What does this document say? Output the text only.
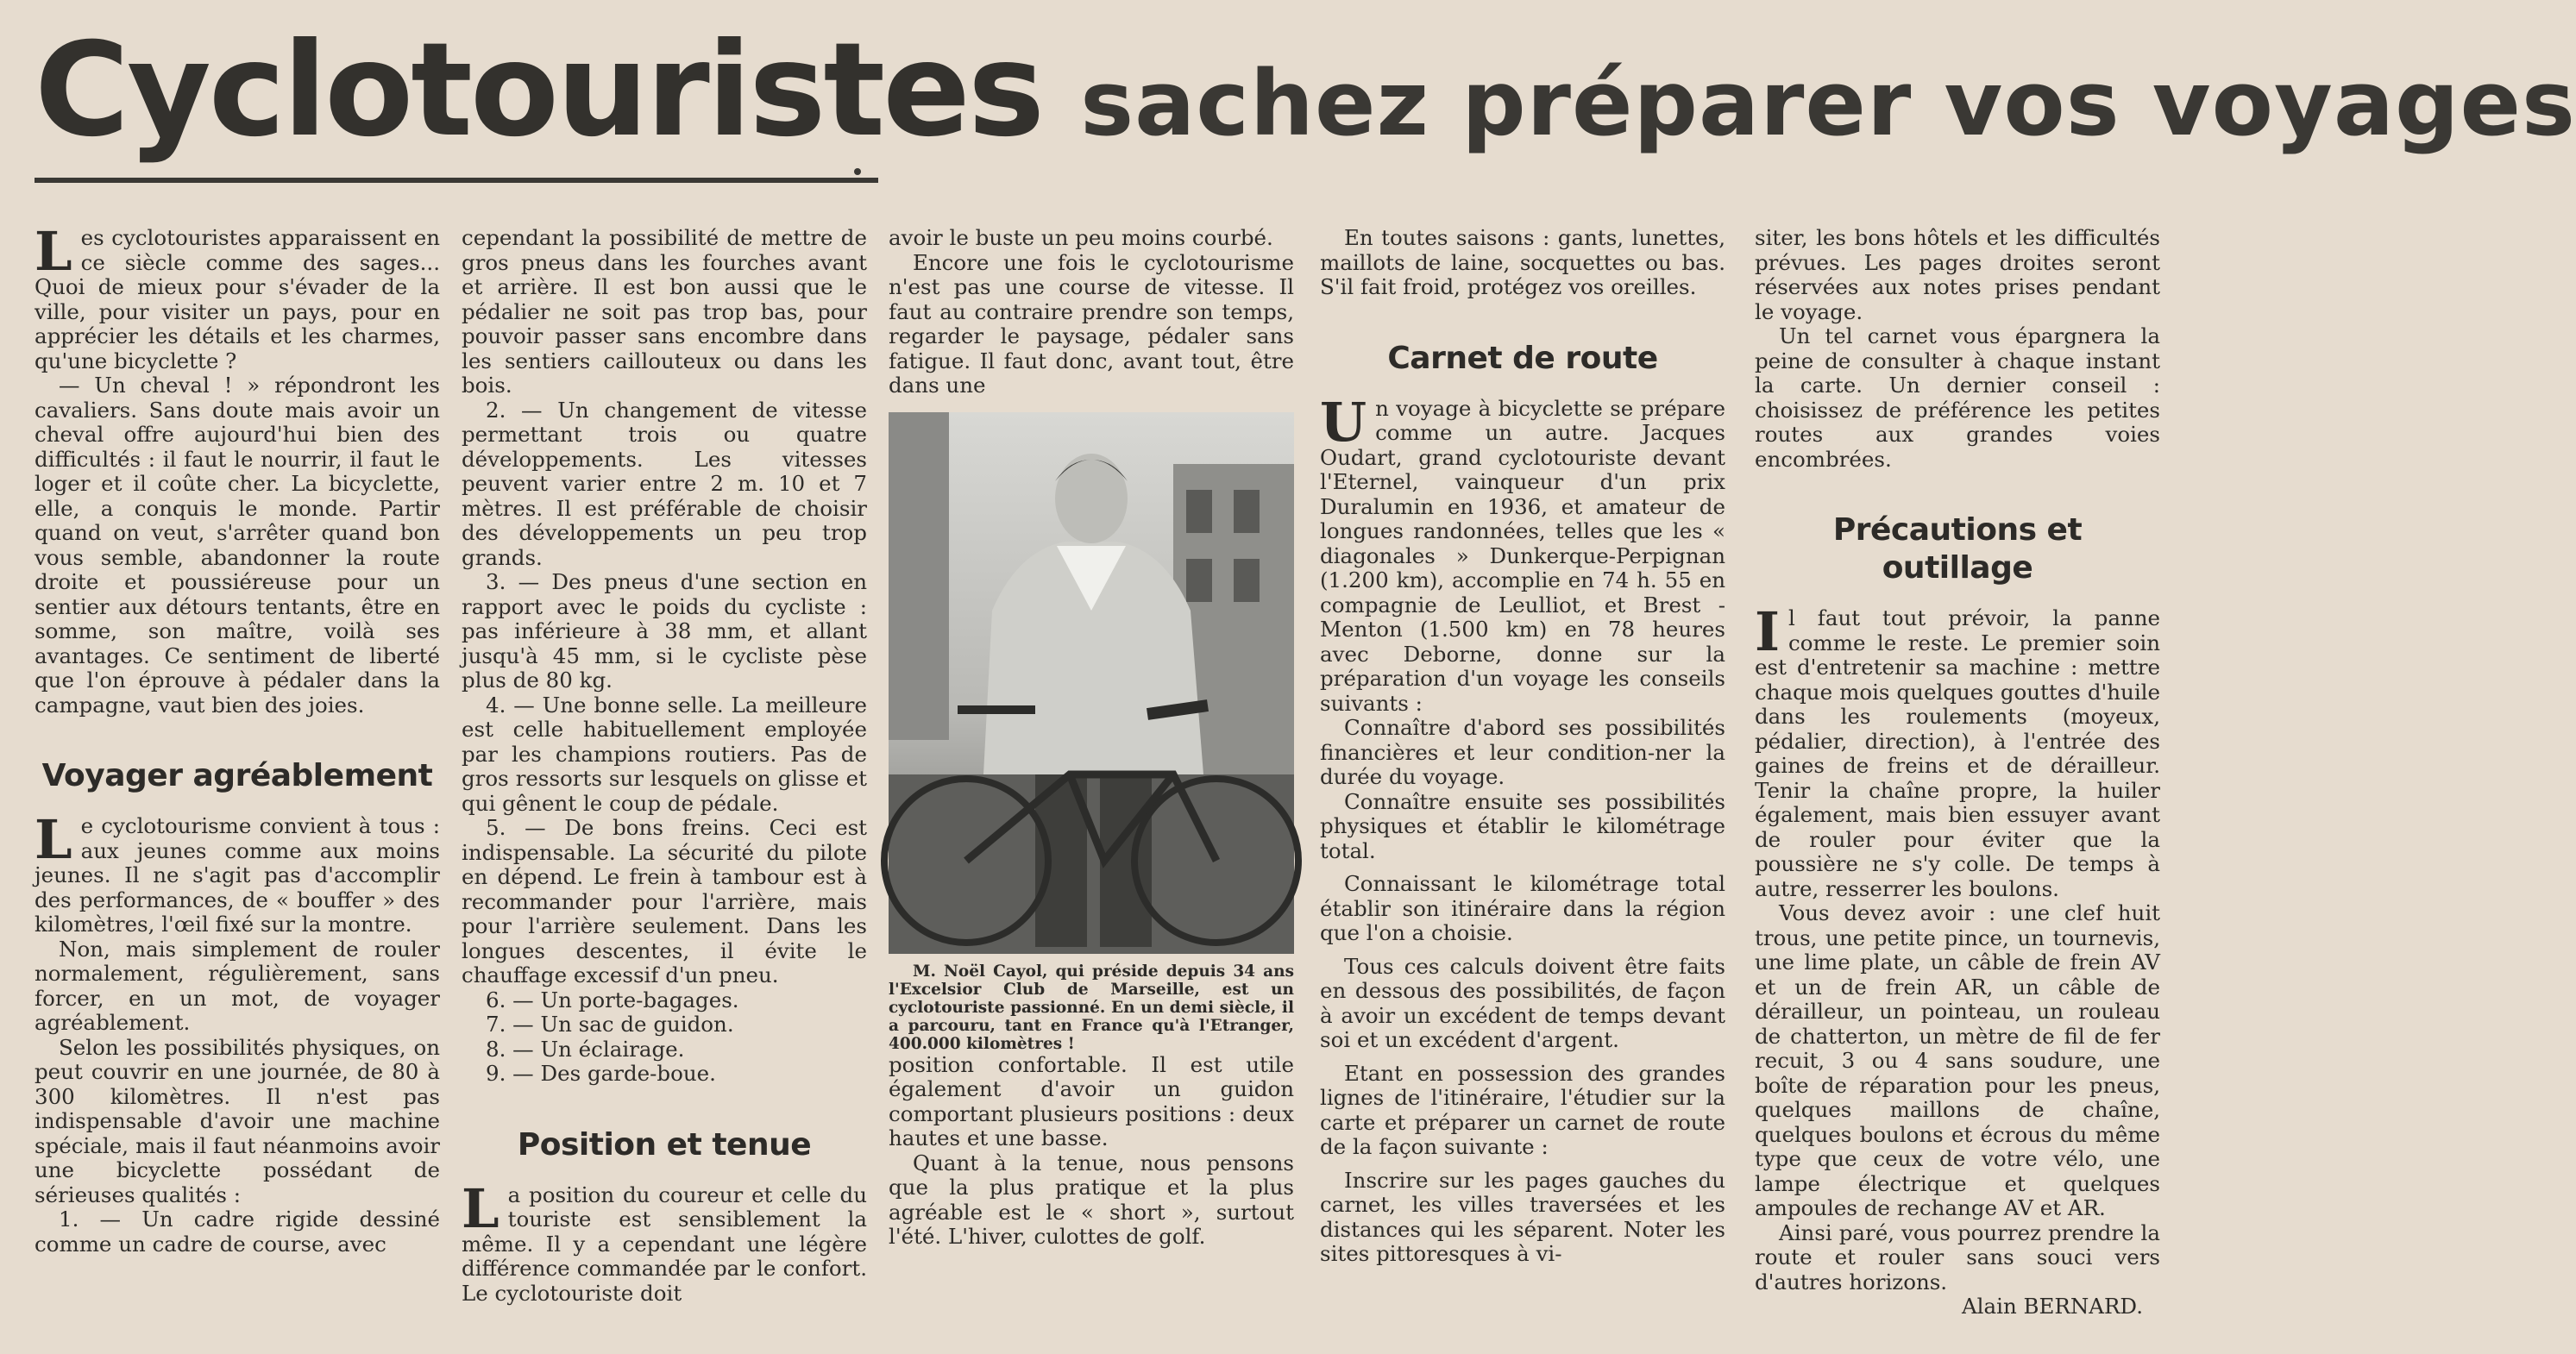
Cyclotouristes sachez préparer vos voyages

Les cyclotouristes apparaissent en ce siècle comme des sages... Quoi de mieux pour s'évader de la ville, pour visiter un pays, pour en apprécier les détails et les charmes, qu'une bicyclette ?

— Un cheval ! » répondront les cavaliers. Sans doute mais avoir un cheval offre aujourd'hui bien des difficultés : il faut le nourrir, il faut le loger et il coûte cher. La bicyclette, elle, a conquis le monde. Partir quand on veut, s'arrêter quand bon vous semble, abandonner la route droite et poussiéreuse pour un sentier aux détours tentants, être en somme, son maître, voilà ses avantages. Ce sentiment de liberté que l'on éprouve à pédaler dans la campagne, vaut bien des joies.

Voyager agréablement

Le cyclotourisme convient à tous : aux jeunes comme aux moins jeunes. Il ne s'agit pas d'accomplir des performances, de « bouffer » des kilomètres, l'œil fixé sur la montre.

Non, mais simplement de rouler normalement, régulièrement, sans forcer, en un mot, de voyager agréablement.

Selon les possibilités physiques, on peut couvrir en une journée, de 80 à 300 kilomètres. Il n'est pas indispensable d'avoir une machine spéciale, mais il faut néanmoins avoir une bicyclette possédant de sérieuses qualités :

1. — Un cadre rigide dessiné comme un cadre de course, avec

cependant la possibilité de mettre de gros pneus dans les fourches avant et arrière. Il est bon aussi que le pédalier ne soit pas trop bas, pour pouvoir passer sans encombre dans les sentiers caillouteux ou dans les bois.

2. — Un changement de vitesse permettant trois ou quatre développements. Les vitesses peuvent varier entre 2 m. 10 et 7 mètres. Il est préférable de choisir des développements un peu trop grands.

3. — Des pneus d'une section en rapport avec le poids du cycliste : pas inférieure à 38 mm, et allant jusqu'à 45 mm, si le cycliste pèse plus de 80 kg.

4. — Une bonne selle. La meilleure est celle habituellement employée par les champions routiers. Pas de gros ressorts sur lesquels on glisse et qui gênent le coup de pédale.

5. — De bons freins. Ceci est indispensable. La sécurité du pilote en dépend. Le frein à tambour est à recommander pour l'arrière, mais pour l'arrière seulement. Dans les longues descentes, il évite le chauffage excessif d'un pneu.

6. — Un porte-bagages.

7. — Un sac de guidon.

8. — Un éclairage.

9. — Des garde-boue.

Position et tenue

La position du coureur et celle du touriste est sensiblement la même. Il y a cependant une légère différence commandée par le confort. Le cyclotouriste doit

avoir le buste un peu moins courbé.

Encore une fois le cyclotourisme n'est pas une course de vitesse. Il faut au contraire prendre son temps, regarder le paysage, pédaler sans fatigue. Il faut donc, avant tout, être dans une

M. Noël Cayol, qui préside depuis 34 ans l'Excelsior Club de Marseille, est un cyclotouriste passionné. En un demi siècle, il a parcouru, tant en France qu'à l'Etranger, 400.000 kilomètres !

position confortable. Il est utile également d'avoir un guidon comportant plusieurs positions : deux hautes et une basse.

Quant à la tenue, nous pensons que la plus pratique et la plus agréable est le « short », surtout l'été. L'hiver, culottes de golf.

En toutes saisons : gants, lunettes, maillots de laine, socquettes ou bas. S'il fait froid, protégez vos oreilles.

Carnet de route

Un voyage à bicyclette se prépare comme un autre. Jacques Oudart, grand cyclotouriste devant l'Eternel, vainqueur d'un prix Duralumin en 1936, et amateur de longues randonnées, telles que les « diagonales » Dunkerque-Perpignan (1.200 km), accomplie en 74 h. 55 en compagnie de Leulliot, et Brest - Menton (1.500 km) en 78 heures avec Deborne, donne sur la préparation d'un voyage les conseils suivants :

Connaître d'abord ses possibilités financières et leur condition-ner la durée du voyage.

Connaître ensuite ses possibilités physiques et établir le kilométrage total.

Connaissant le kilométrage total établir son itinéraire dans la région que l'on a choisie.

Tous ces calculs doivent être faits en dessous des possibilités, de façon à avoir un excédent de temps devant soi et un excédent d'argent.

Etant en possession des grandes lignes de l'itinéraire, l'étudier sur la carte et préparer un carnet de route de la façon suivante :

Inscrire sur les pages gauches du carnet, les villes traversées et les distances qui les séparent. Noter les sites pittoresques à vi-

siter, les bons hôtels et les difficultés prévues. Les pages droites seront réservées aux notes prises pendant le voyage.

Un tel carnet vous épargnera la peine de consulter à chaque instant la carte. Un dernier conseil : choisissez de préférence les petites routes aux grandes voies encombrées.

Précautions et outillage

Il faut tout prévoir, la panne comme le reste. Le premier soin est d'entretenir sa machine : mettre chaque mois quelques gouttes d'huile dans les roulements (moyeux, pédalier, direction), à l'entrée des gaines de freins et de dérailleur. Tenir la chaîne propre, la huiler également, mais bien essuyer avant de rouler pour éviter que la poussière ne s'y colle. De temps à autre, resserrer les boulons.

Vous devez avoir : une clef huit trous, une petite pince, un tournevis, une lime plate, un câble de frein AV et un de frein AR, un câble de dérailleur, un pointeau, un rouleau de chatterton, un mètre de fil de fer recuit, 3 ou 4 sans soudure, une boîte de réparation pour les pneus, quelques maillons de chaîne, quelques boulons et écrous du même type que ceux de votre vélo, une lampe électrique et quelques ampoules de rechange AV et AR.

Ainsi paré, vous pourrez prendre la route et rouler sans souci vers d'autres horizons.

Alain BERNARD.
